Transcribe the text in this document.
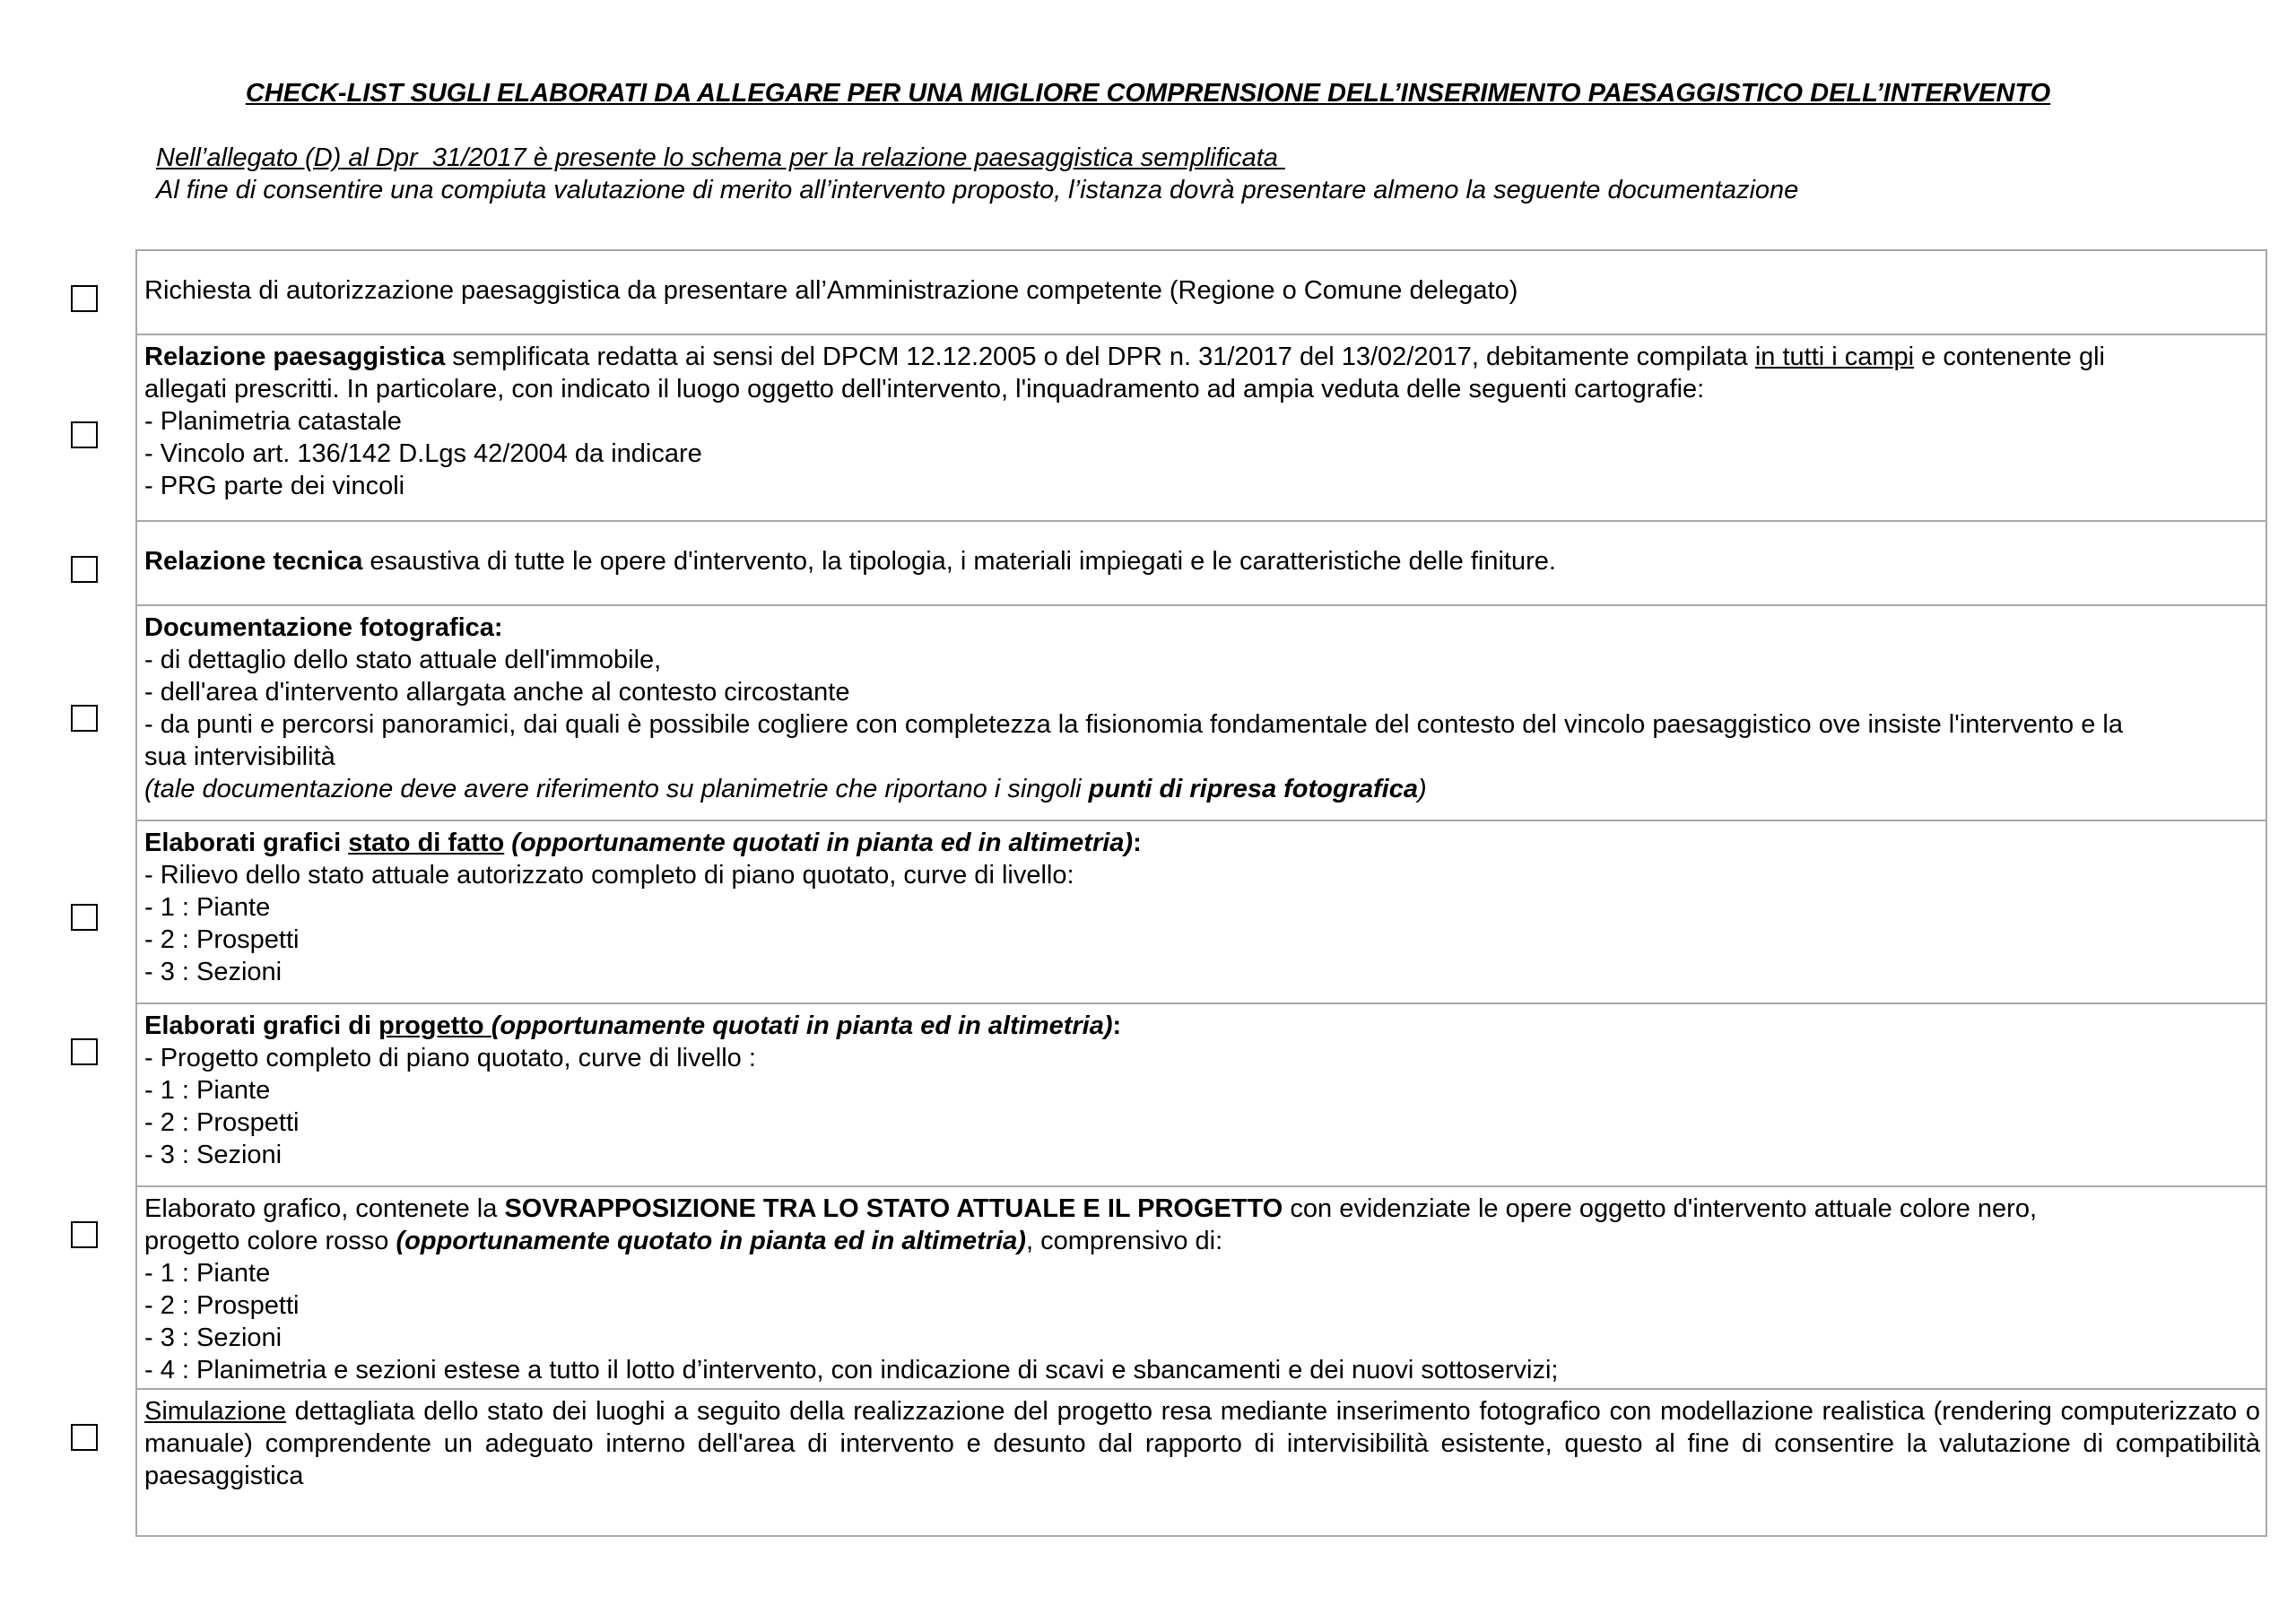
CHECK-LIST SUGLI ELABORATI DA ALLEGARE PER UNA MIGLIORE COMPRENSIONE DELL’INSERIMENTO PAESAGGISTICO DELL’INTERVENTO
Nell’allegato (D) al Dpr  31/2017 è presente lo schema per la relazione paesaggistica semplificata
Al fine di consentire una compiuta valutazione di merito all’intervento proposto, l’istanza dovrà presentare almeno la seguente documentazione
Richiesta di autorizzazione paesaggistica da presentare all’Amministrazione competente (Regione o Comune delegato)
Relazione paesaggistica semplificata redatta ai sensi del DPCM 12.12.2005 o del DPR n. 31/2017 del 13/02/2017, debitamente compilata in tutti i campi e contenente gli
allegati prescritti. In particolare, con indicato il luogo oggetto dell'intervento, l'inquadramento ad ampia veduta delle seguenti cartografie:
- Planimetria catastale
- Vincolo art. 136/142 D.Lgs 42/2004 da indicare
- PRG parte dei vincoli
Relazione tecnica esaustiva di tutte le opere d'intervento, la tipologia, i materiali impiegati e le caratteristiche delle finiture.
Documentazione fotografica:
- di dettaglio dello stato attuale dell'immobile,
- dell'area d'intervento allargata anche al contesto circostante
- da punti e percorsi panoramici, dai quali è possibile cogliere con completezza la fisionomia fondamentale del contesto del vincolo paesaggistico ove insiste l'intervento e la
sua intervisibilità
(tale documentazione deve avere riferimento su planimetrie che riportano i singoli punti di ripresa fotografica)
Elaborati grafici stato di fatto (opportunamente quotati in pianta ed in altimetria):
- Rilievo dello stato attuale autorizzato completo di piano quotato, curve di livello:
- 1 : Piante
- 2 : Prospetti
- 3 : Sezioni
Elaborati grafici di progetto (opportunamente quotati in pianta ed in altimetria):
- Progetto completo di piano quotato, curve di livello :
- 1 : Piante
- 2 : Prospetti
- 3 : Sezioni
Elaborato grafico, contenete la SOVRAPPOSIZIONE TRA LO STATO ATTUALE E IL PROGETTO con evidenziate le opere oggetto d'intervento attuale colore nero,
progetto colore rosso (opportunamente quotato in pianta ed in altimetria), comprensivo di:
- 1 : Piante
- 2 : Prospetti
- 3 : Sezioni
- 4 : Planimetria e sezioni estese a tutto il lotto d’intervento, con indicazione di scavi e sbancamenti e dei nuovi sottoservizi;
Simulazione dettagliata dello stato dei luoghi a seguito della realizzazione del progetto resa mediante inserimento fotografico con modellazione realistica (rendering computerizzato o manuale) comprendente un adeguato interno dell'area di intervento e desunto dal rapporto di intervisibilità esistente, questo al fine di consentire la valutazione di compatibilità paesaggistica
